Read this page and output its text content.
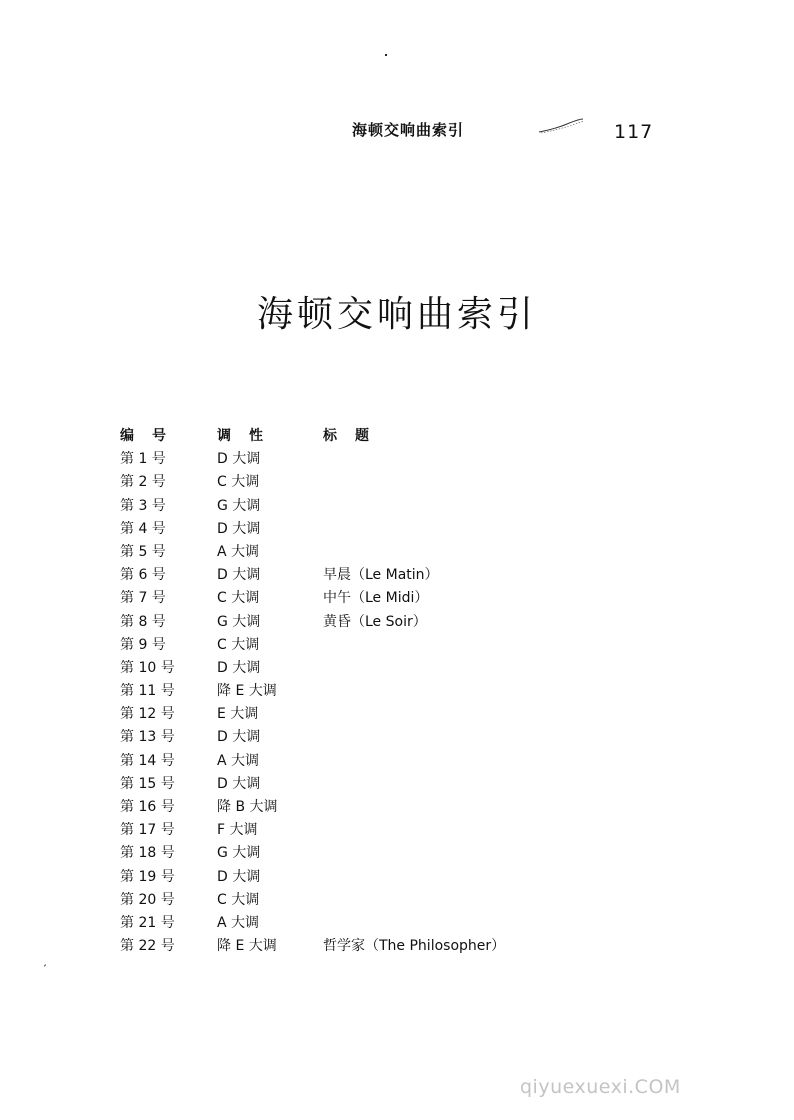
海顿交响曲索引	117
海顿交响曲索引
编　号	调　性	标　题
第 1 号	D 大调
第 2 号	C 大调
第 3 号	G 大调
第 4 号	D 大调
第 5 号	A 大调
第 6 号	D 大调	早晨（Le Matin）
第 7 号	C 大调	中午（Le Midi）
第 8 号	G 大调	黄昏（Le Soir）
第 9 号	C 大调
第 10 号	D 大调
第 11 号	降 E 大调
第 12 号	E 大调
第 13 号	D 大调
第 14 号	A 大调
第 15 号	D 大调
第 16 号	降 B 大调
第 17 号	F 大调
第 18 号	G 大调
第 19 号	D 大调
第 20 号	C 大调
第 21 号	A 大调
第 22 号	降 E 大调	哲学家（The Philosopher）
qiyuexuexi.COM
